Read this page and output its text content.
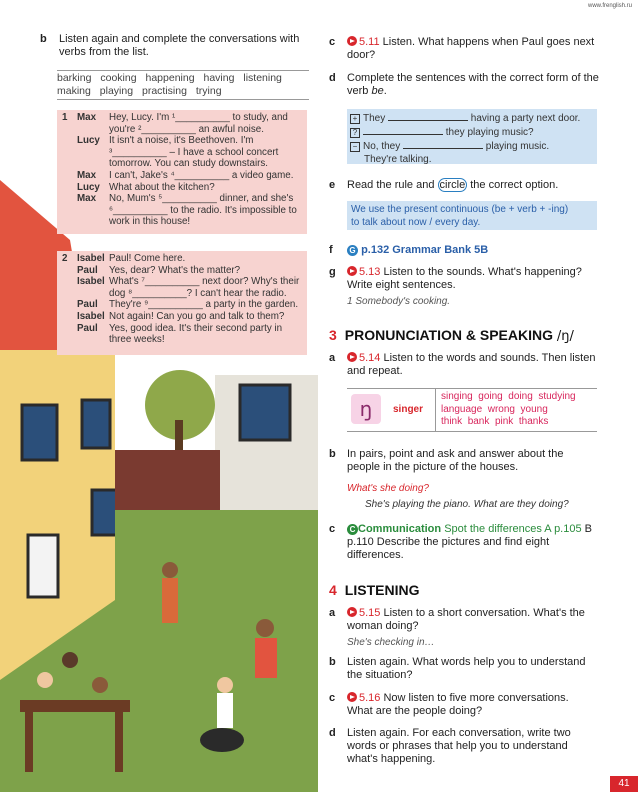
www.frenglish.ru
b Listen again and complete the conversations with verbs from the list.
barking cooking happening having listening
making playing practising trying
1 Max Hey, Lucy. I'm ¹__________ to study, and
you're ²__________ an awful noise.
Lucy It isn't a noise, it's Beethoven. I'm
³__________ – I have a school concert
tomorrow. You can study downstairs.
Max I can't, Jake's ⁴__________ a video game.
Lucy What about the kitchen?
Max No, Mum's ⁵__________ dinner, and she's
⁶__________ to the radio. It's impossible to
work in this house!
2 Isabel Paul! Come here.
Paul Yes, dear? What's the matter?
Isabel What's ⁷__________ next door? Why's their
dog ⁸__________? I can't hear the radio.
Paul They're ⁹__________ a party in the garden.
Isabel Not again! Can you go and talk to them?
Paul Yes, good idea. It's their second party in
three weeks!
c	5.11 Listen. What happens when Paul goes next door?
d Complete the sentences with the correct form of the verb be.
+ They	having a party next door.
?	they playing music?
− No, they	playing music.
They're talking.
e Read the rule and circle the correct option.
We use the present continuous (be + verb + -ing)
to talk about now / every day.
f G p.132 Grammar Bank 5B
g	5.13 Listen to the sounds. What's happening? Write eight sentences.
1 Somebody's cooking.
3 PRONUNCIATION & SPEAKING /ŋ/
a	5.14 Listen to the words and sounds. Then listen and repeat.
ŋ	singer
singing going doing studying
language wrong young
think bank pink thanks
b In pairs, point and ask and answer about the people in the picture of the houses.
What's she doing?
She's playing the piano. What are they doing?
c	C Communication Spot the differences A p.105 B p.110 Describe the pictures and find eight differences.
4 LISTENING
a	5.15 Listen to a short conversation. What's the woman doing?
She's checking in…
b Listen again. What words help you to understand the situation?
c	5.16 Now listen to five more conversations. What are the people doing?
d Listen again. For each conversation, write two words or phrases that help you to understand what's happening.
41
